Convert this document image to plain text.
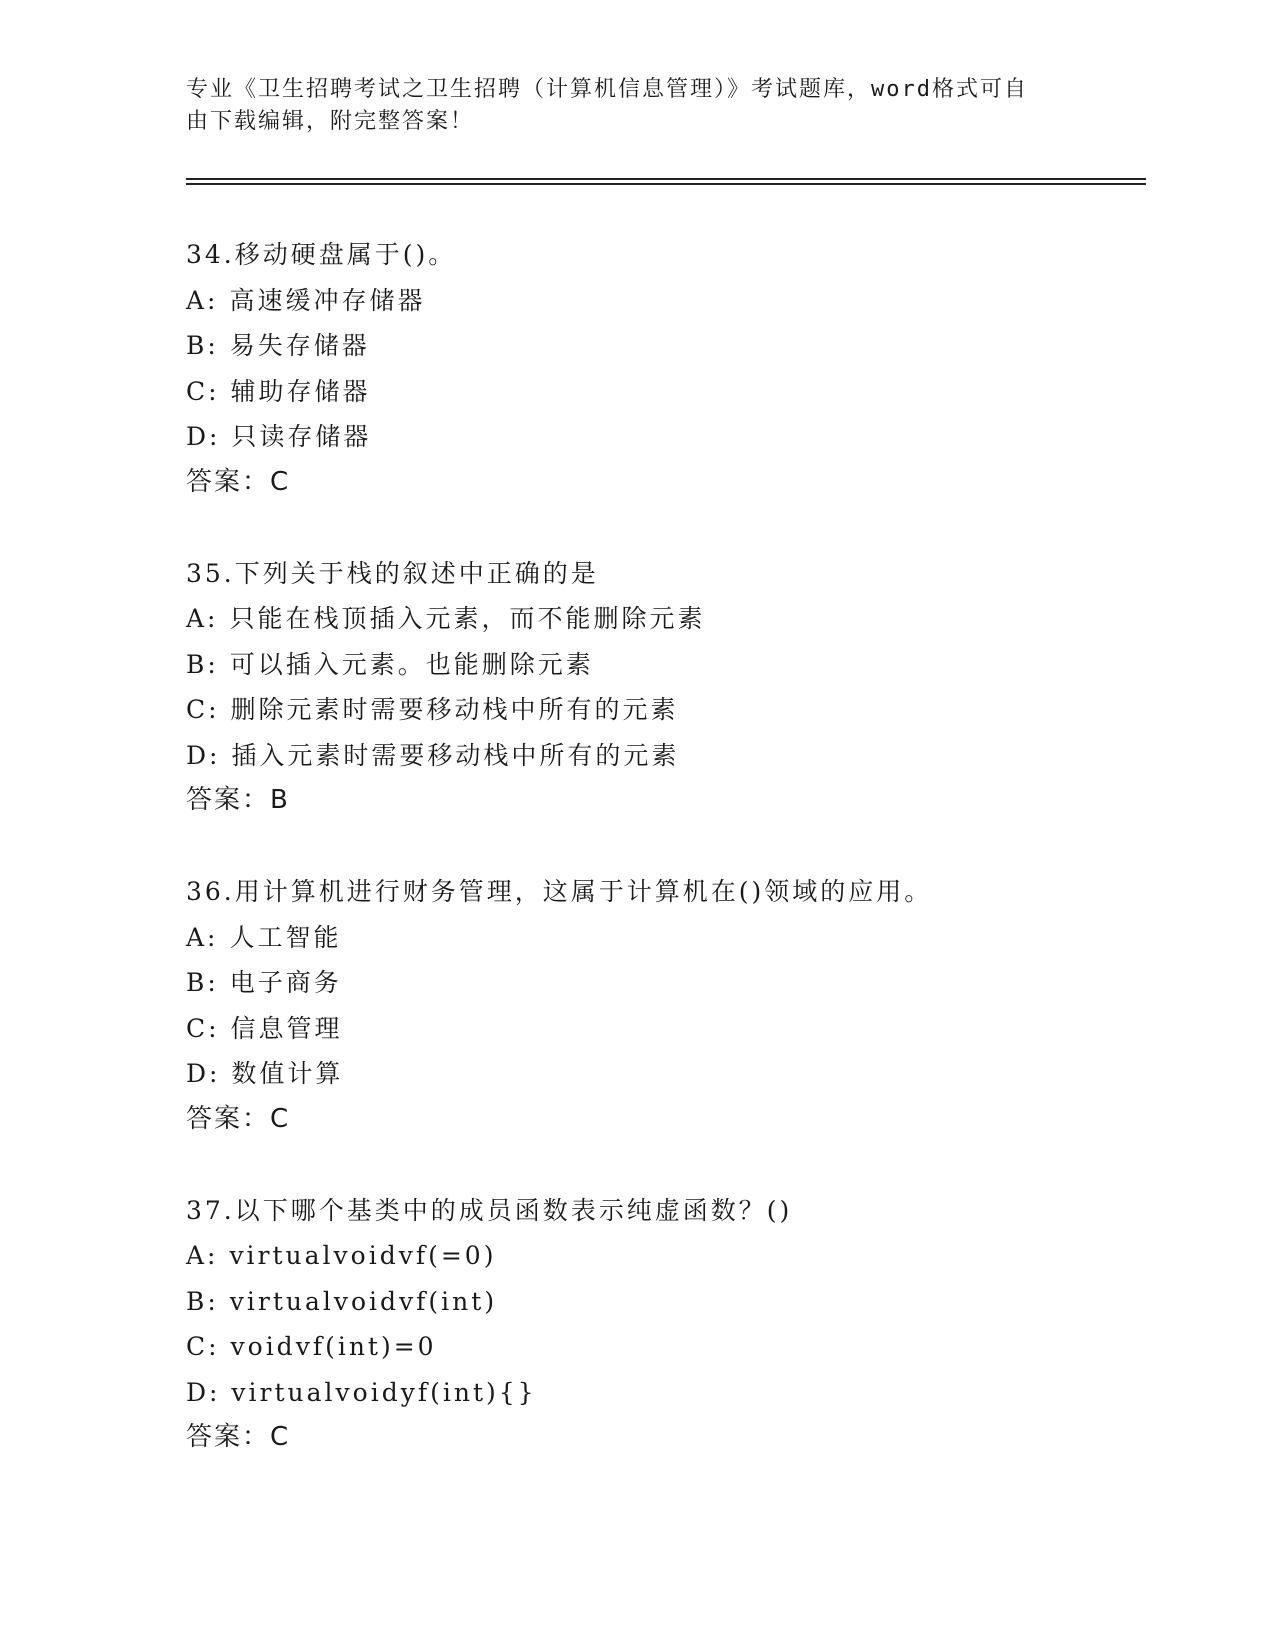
专业《卫生招聘考试之卫生招聘（计算机信息管理）》考试题库，word格式可自
由下载编辑，附完整答案！
34.移动硬盘属于()。
A: 高速缓冲存储器
B: 易失存储器
C: 辅助存储器
D: 只读存储器
答案：C
35.下列关于栈的叙述中正确的是
A: 只能在栈顶插入元素，而不能删除元素
B: 可以插入元素。也能删除元素
C: 删除元素时需要移动栈中所有的元素
D: 插入元素时需要移动栈中所有的元素
答案：B
36.用计算机进行财务管理，这属于计算机在()领域的应用。
A: 人工智能
B: 电子商务
C: 信息管理
D: 数值计算
答案：C
37.以下哪个基类中的成员函数表示纯虚函数？()
A: virtualvoidvf(=0)
B: virtualvoidvf(int)
C: voidvf(int)=0
D: virtualvoidyf(int){}
答案：C
